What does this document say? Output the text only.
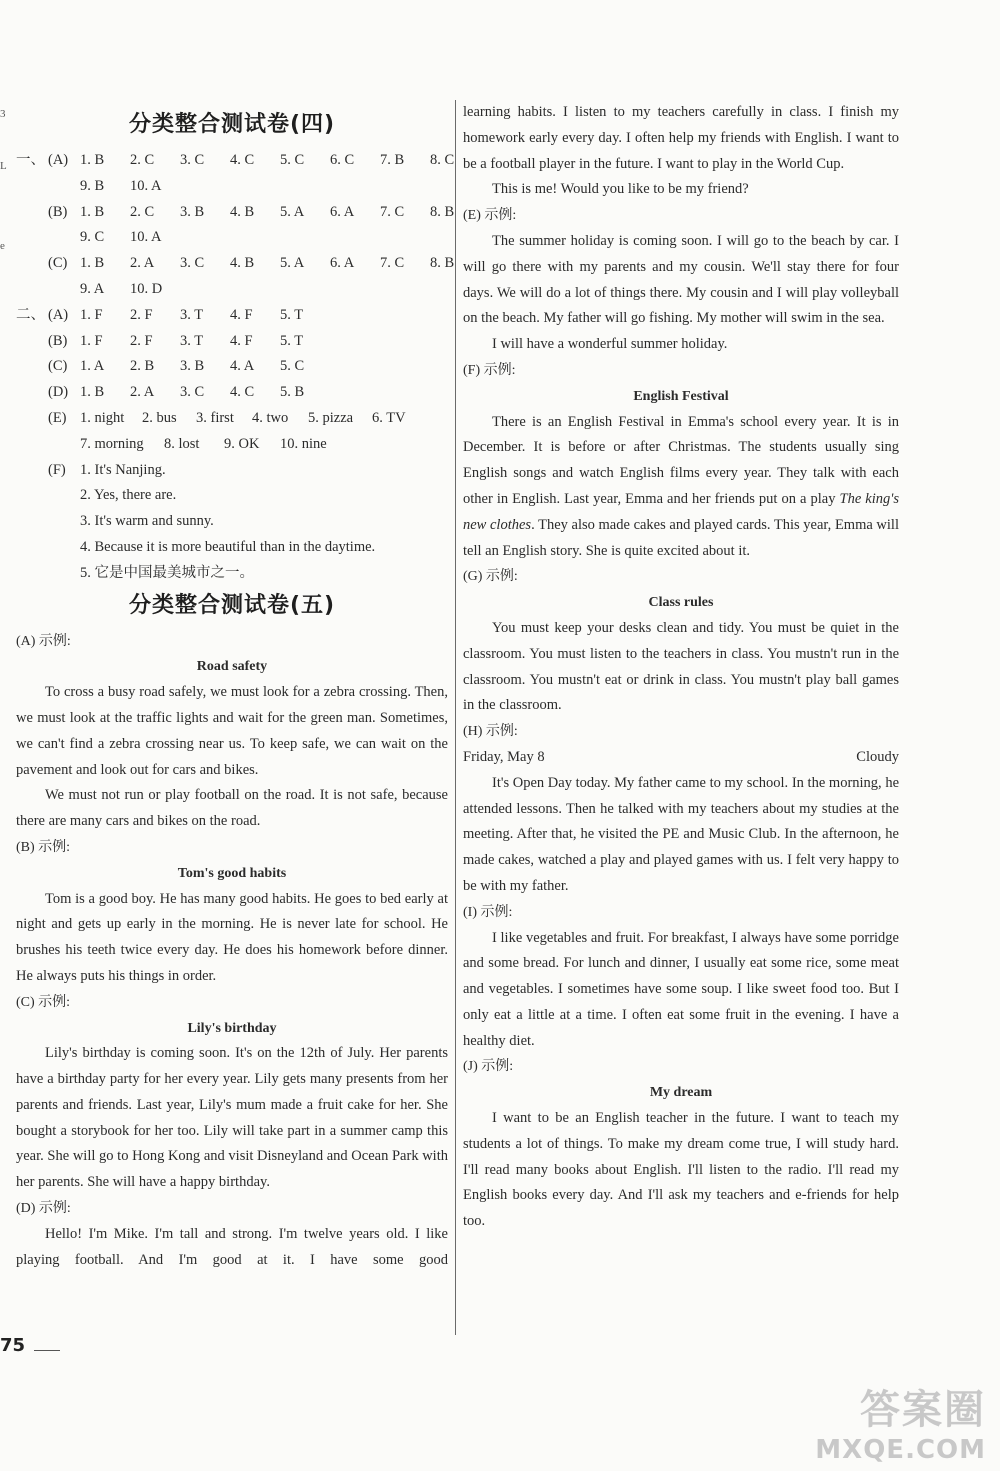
3
L
e
分类整合测试卷(四)
一、 (A) 1. B	2. C	3. C	4. C	5. C	6. C	7. B	8. C
9. B	10. A
(B) 1. B	2. C	3. B	4. B	5. A	6. A	7. C	8. B
9. C	10. A
(C) 1. B	2. A	3. C	4. B	5. A	6. A	7. C	8. B
9. A	10. D
二、 (A) 1. F	2. F	3. T	4. F	5. T
(B) 1. F	2. F	3. T	4. F	5. T
(C) 1. A	2. B	3. B	4. A	5. C
(D) 1. B	2. A	3. C	4. C	5. B
(E) 1. night	2. bus	3. first	4. two	5. pizza	6. TV
7. morning	8. lost	9. OK	10. nine
(F) 1. It's Nanjing.
2. Yes, there are.
3. It's warm and sunny.
4. Because it is more beautiful than in the daytime.
5. 它是中国最美城市之一。
分类整合测试卷(五)
(A) 示例:
Road safety

To cross a busy road safely, we must look for a zebra crossing. Then, we must look at the traffic lights and wait for the green man. Sometimes, we can't find a zebra crossing near us. To keep safe, we can wait on the pavement and look out for cars and bikes.

We must not run or play football on the road. It is not safe, because there are many cars and bikes on the road.

(B) 示例:
Tom's good habits

Tom is a good boy. He has many good habits. He goes to bed early at night and gets up early in the morning. He is never late for school. He brushes his teeth twice every day. He does his homework before dinner. He always puts his things in order.

(C) 示例:
Lily's birthday

Lily's birthday is coming soon. It's on the 12th of July. Her parents have a birthday party for her every year. Lily gets many presents from her parents and friends. Last year, Lily's mum made a fruit cake for her. She bought a storybook for her too. Lily will take part in a summer camp this year. She will go to Hong Kong and visit Disneyland and Ocean Park with her parents. She will have a happy birthday.

(D) 示例:

Hello! I'm Mike. I'm tall and strong. I'm twelve years old. I like playing football. And I'm good at it. I have some good

learning habits. I listen to my teachers carefully in class. I finish my homework early every day. I often help my friends with English. I want to be a football player in the future. I want to play in the World Cup.

This is me! Would you like to be my friend?

(E) 示例:

The summer holiday is coming soon. I will go to the beach by car. I will go there with my parents and my cousin. We'll stay there for four days. We will do a lot of things there. My cousin and I will play volleyball on the beach. My father will go fishing. My mother will swim in the sea.

I will have a wonderful summer holiday.

(F) 示例:
English Festival

There is an English Festival in Emma's school every year. It is in December. It is before or after Christmas. The students usually sing English songs and watch English films every year. They talk with each other in English. Last year, Emma and her friends put on a play The king's new clothes. They also made cakes and played cards. This year, Emma will tell an English story. She is quite excited about it.

(G) 示例:
Class rules

You must keep your desks clean and tidy. You must be quiet in the classroom. You must listen to the teachers in class. You mustn't run in the classroom. You mustn't eat or drink in class. You mustn't play ball games in the classroom.

(H) 示例:
Friday, May 8	Cloudy

It's Open Day today. My father came to my school. In the morning, he attended lessons. Then he talked with my teachers about my studies at the meeting. After that, he visited the PE and Music Club. In the afternoon, he made cakes, watched a play and played games with us. I felt very happy to be with my father.

(I) 示例:

I like vegetables and fruit. For breakfast, I always have some porridge and some bread. For lunch and dinner, I usually eat some rice, some meat and vegetables. I sometimes have some soup. I like sweet food too. But I only eat a little at a time. I often eat some fruit in the evening. I have a healthy diet.

(J) 示例:
My dream

I want to be an English teacher in the future. I want to teach my students a lot of things. To make my dream come true, I will study hard. I'll read many books about English. I'll listen to the radio. I'll read my English books every day. And I'll ask my teachers and e-friends for help too.

75
答案圈
MXQE.COM
